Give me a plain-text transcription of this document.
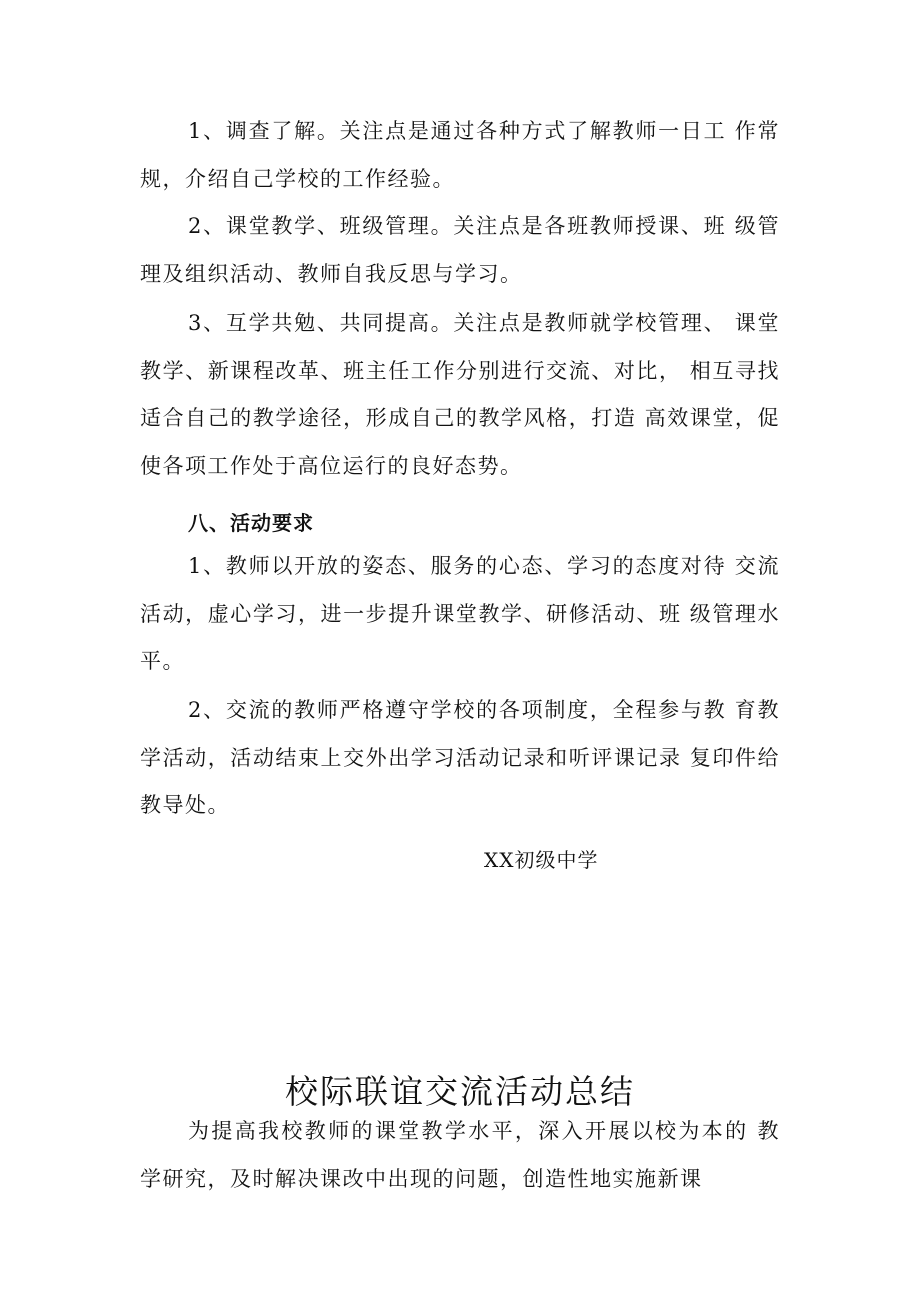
1、调查了解。关注点是通过各种方式了解教师一日工 作常规，介绍自己学校的工作经验。

2、课堂教学、班级管理。关注点是各班教师授课、班 级管理及组织活动、教师自我反思与学习。

3、互学共勉、共同提高。关注点是教师就学校管理、 课堂教学、新课程改革、班主任工作分别进行交流、对比， 相互寻找适合自己的教学途径，形成自己的教学风格，打造 高效课堂，促使各项工作处于高位运行的良好态势。

八、活动要求

1、教师以开放的姿态、服务的心态、学习的态度对待 交流活动，虚心学习，进一步提升课堂教学、研修活动、班 级管理水平。

2、交流的教师严格遵守学校的各项制度，全程参与教 育教学活动，活动结束上交外出学习活动记录和听评课记录 复印件给教导处。

XX初级中学
校际联谊交流活动总结

为提高我校教师的课堂教学水平，深入开展以校为本的 教学研究，及时解决课改中出现的问题，创造性地实施新课
